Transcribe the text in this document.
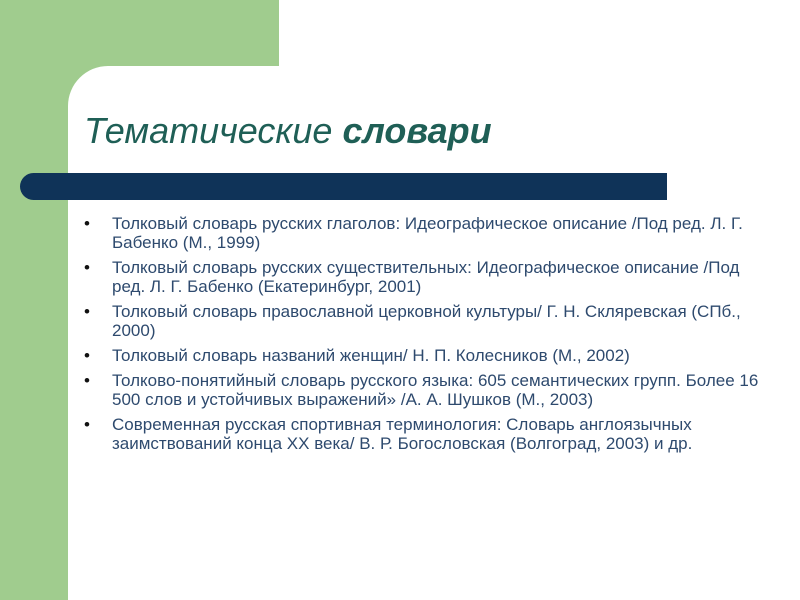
Тематические словари
• Толковый словарь русских глаголов: Идеографическое описание /Под ред. Л. Г. Бабенко (М., 1999)
• Толковый словарь русских существительных: Идеографическое описание /Под ред. Л. Г. Бабенко (Екатеринбург, 2001)
• Толковый словарь православной церковной культуры/ Г. Н. Скляревская (СПб., 2000)
• Толковый словарь названий женщин/ Н. П. Колесников (М., 2002)
• Толково-понятийный словарь русского языка: 605 семантических групп. Более 16 500 слов и устойчивых выражений» /А. А. Шушков (М., 2003)
• Современная русская спортивная терминология: Словарь англоязычных заимствований конца XX века/ В. Р. Богословская (Волгоград, 2003) и др.
